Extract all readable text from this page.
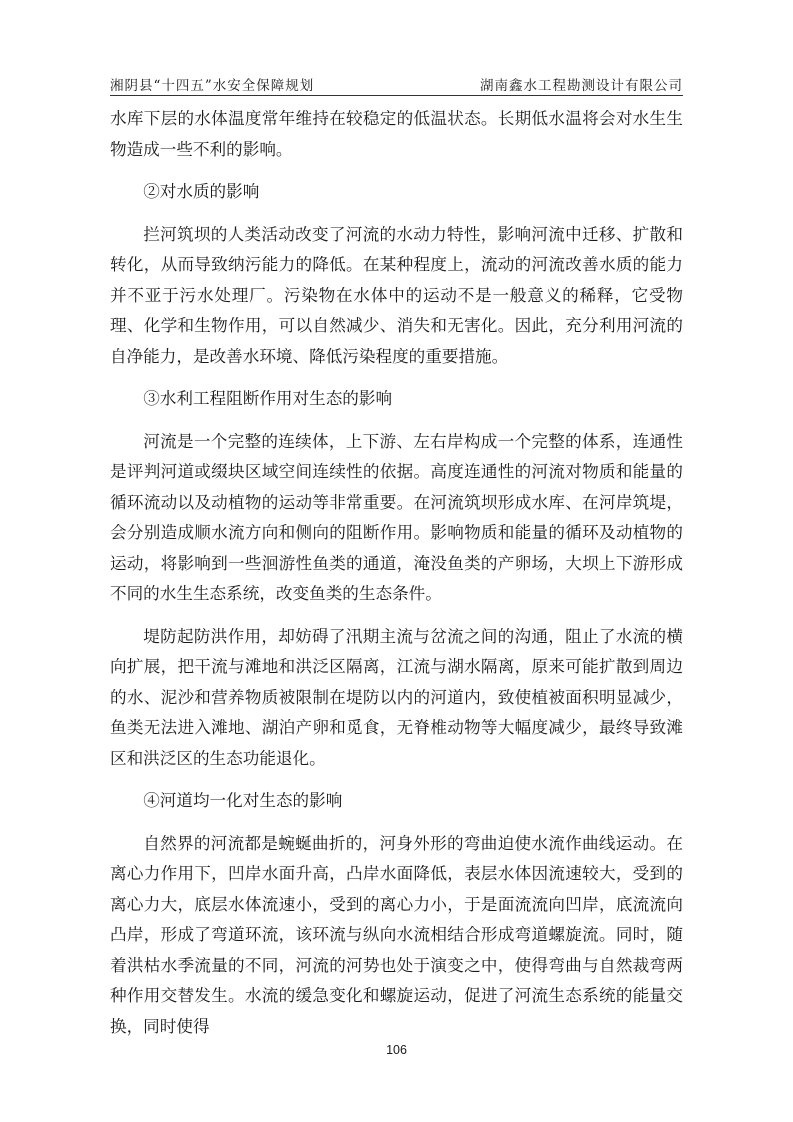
湘阴县“十四五”水安全保障规划	湖南鑫水工程勘测设计有限公司

水库下层的水体温度常年维持在较稳定的低温状态。长期低水温将会对水生生物造成一些不利的影响。

②对水质的影响

拦河筑坝的人类活动改变了河流的水动力特性，影响河流中迁移、扩散和转化，从而导致纳污能力的降低。在某种程度上，流动的河流改善水质的能力并不亚于污水处理厂。污染物在水体中的运动不是一般意义的稀释，它受物理、化学和生物作用，可以自然减少、消失和无害化。因此，充分利用河流的自净能力，是改善水环境、降低污染程度的重要措施。

③水利工程阻断作用对生态的影响

河流是一个完整的连续体，上下游、左右岸构成一个完整的体系，连通性是评判河道或缀块区域空间连续性的依据。高度连通性的河流对物质和能量的循环流动以及动植物的运动等非常重要。在河流筑坝形成水库、在河岸筑堤，会分别造成顺水流方向和侧向的阻断作用。影响物质和能量的循环及动植物的运动，将影响到一些洄游性鱼类的通道，淹没鱼类的产卵场，大坝上下游形成不同的水生生态系统，改变鱼类的生态条件。

堤防起防洪作用，却妨碍了汛期主流与岔流之间的沟通，阻止了水流的横向扩展，把干流与滩地和洪泛区隔离，江流与湖水隔离，原来可能扩散到周边的水、泥沙和营养物质被限制在堤防以内的河道内，致使植被面积明显减少，鱼类无法进入滩地、湖泊产卵和觅食，无脊椎动物等大幅度减少，最终导致滩区和洪泛区的生态功能退化。

④河道均一化对生态的影响

自然界的河流都是蜿蜒曲折的，河身外形的弯曲迫使水流作曲线运动。在离心力作用下，凹岸水面升高，凸岸水面降低，表层水体因流速较大，受到的离心力大，底层水体流速小，受到的离心力小，于是面流流向凹岸，底流流向凸岸，形成了弯道环流，该环流与纵向水流相结合形成弯道螺旋流。同时，随着洪枯水季流量的不同，河流的河势也处于演变之中，使得弯曲与自然裁弯两种作用交替发生。水流的缓急变化和螺旋运动，促进了河流生态系统的能量交换，同时使得

106
